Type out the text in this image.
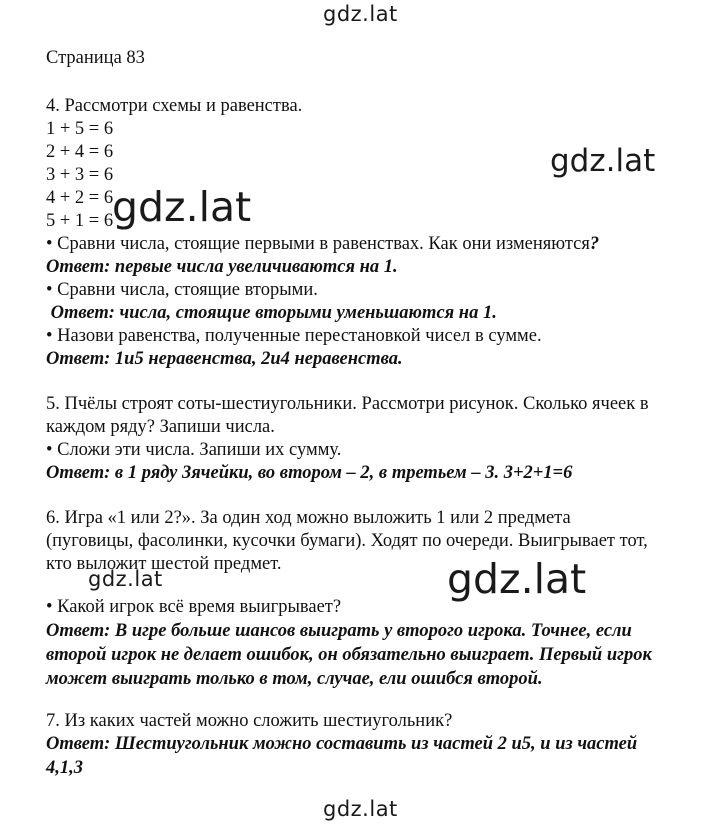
gdz.lat
gdz.lat
Страница 83
4. Рассмотри схемы и равенства.
1 + 5 = 6
2 + 4 = 6
3 + 3 = 6
4 + 2 = 6
5 + 1 = 6
gdz.lat
• Сравни числа, стоящие первыми в равенствах. Как они изменяются?
Ответ: первые числа увеличиваются на 1.
• Сравни числа, стоящие вторыми.
Ответ: числа, стоящие вторыми уменьшаются на 1.
• Назови равенства, полученные перестановкой чисел в сумме.
Ответ: 1и5 неравенства, 2и4 неравенства.
5. Пчёлы строят соты-шестиугольники. Рассмотри рисунок. Сколько ячеек в
каждом ряду? Запиши числа.
• Сложи эти числа. Запиши их сумму.
Ответ: в 1 ряду 3ячейки, во втором – 2, в третьем – 3. 3+2+1=6
6. Игра «1 или 2?». За один ход можно выложить 1 или 2 предмета
(пуговицы, фасолинки, кусочки бумаги). Ходят по очереди. Выигрывает тот,
кто выложит шестой предмет.
gdz.lat	gdz.lat
• Какой игрок всё время выигрывает?
Ответ: В игре больше шансов выиграть у второго игрока. Точнее, если
второй игрок не делает ошибок, он обязательно выиграет. Первый игрок
может выиграть только в том, случае, ели ошибся второй.
7. Из каких частей можно сложить шестиугольник?
Ответ: Шестиугольник можно составить из частей 2 и5, и из частей
4,1,3
gdz.lat
